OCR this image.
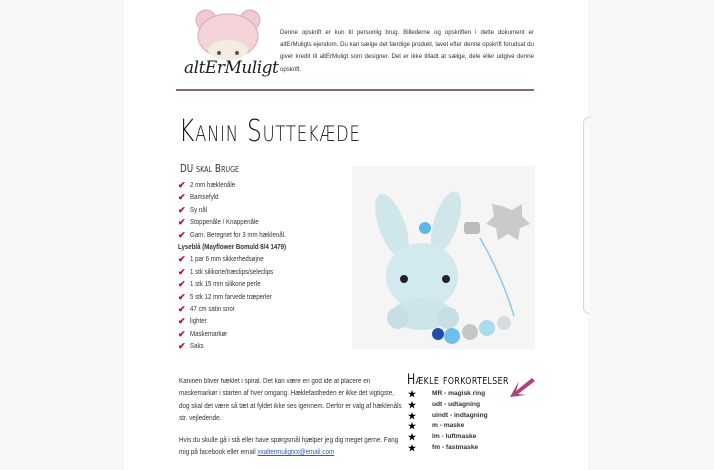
altErMuligt
Denne opskrift er kun til personlig brug. Billederne og opskriften i dette dokument er altErMuligts ejendom. Du kan sælge det færdige produkt, lavet efter denne opskrift forudsat du giver kredit til altErMuligt som designer. Det er ikke tilladt at sælge, dele eller udgive denne opskrift.
Kanin Suttekæde
DU skal Bruge
✔ 2 mm hæklenåle
✔ Bamsefyld
✔ Sy nål
✔ Stoppenåle / Knappenåle
✔ Garn. Beregnet for 3 mm hæklenål.
Lyseblå (Mayflower Bomuld 8/4 1479)
✔ 1 par 6 mm sikkerhedsøjne
✔ 1 stk silikone/træclips/seleclips
✔ 1 stk 15 mm silikone perle
✔ 5 stk 12 mm farvede træperler
✔ 47 cm satin snor
✔ lighter
✔ Maskemarkør
✔ Saks

Kaninen bliver hæklet i spiral. Det kan være en god ide at placere en maskemarkør i starten af hver omgang. Hæklefastheden er ikke det vigtigste, dog skal det være så tæt at fyldet ikke ses igennem. Derfor er valg af hæklenåls str. vejledende.

Hvis du skulle gå i stå eller have spørgsmål hjælper jeg dig meget gerne. Fang mig på facebook eller email xxaltermuligtxx@email.com

Hækle forkortelser
★	MR - magisk ring
★	udt - udtagning
★	uindt - indtagning
★	m - maske
★	lm - luftmaske
★	fm - fastmaske
